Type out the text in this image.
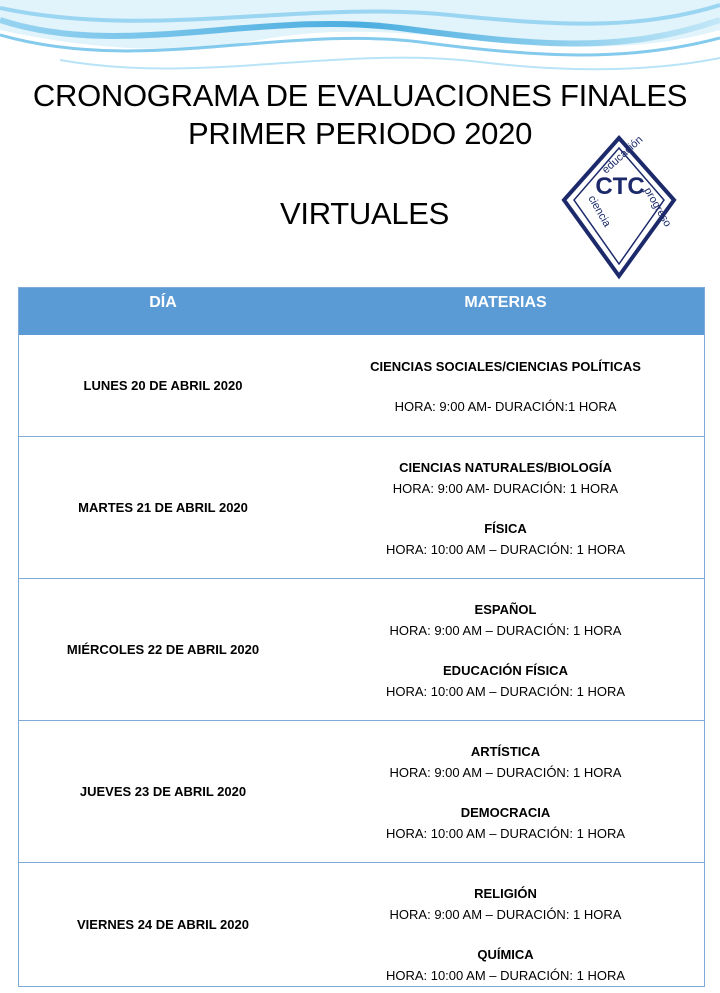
CRONOGRAMA DE EVALUACIONES FINALES
PRIMER PERIODO 2020
VIRTUALES
CTC
educación
progreso
ciencia
DÍA	MATERIAS
LUNES 20 DE ABRIL 2020
CIENCIAS SOCIALES/CIENCIAS POLÍTICAS
HORA: 9:00 AM- DURACIÓN:1 HORA
MARTES 21 DE ABRIL 2020
CIENCIAS NATURALES/BIOLOGÍA
HORA: 9:00 AM- DURACIÓN: 1 HORA
FÍSICA
HORA: 10:00 AM – DURACIÓN: 1 HORA
MIÉRCOLES 22 DE ABRIL 2020
ESPAÑOL
HORA: 9:00 AM – DURACIÓN: 1 HORA
EDUCACIÓN FÍSICA
HORA: 10:00 AM – DURACIÓN: 1 HORA
JUEVES 23 DE ABRIL 2020
ARTÍSTICA
HORA: 9:00 AM – DURACIÓN: 1 HORA
DEMOCRACIA
HORA: 10:00 AM – DURACIÓN: 1 HORA
VIERNES 24 DE ABRIL 2020
RELIGIÓN
HORA: 9:00 AM – DURACIÓN: 1 HORA
QUÍMICA
HORA: 10:00 AM – DURACIÓN: 1 HORA
